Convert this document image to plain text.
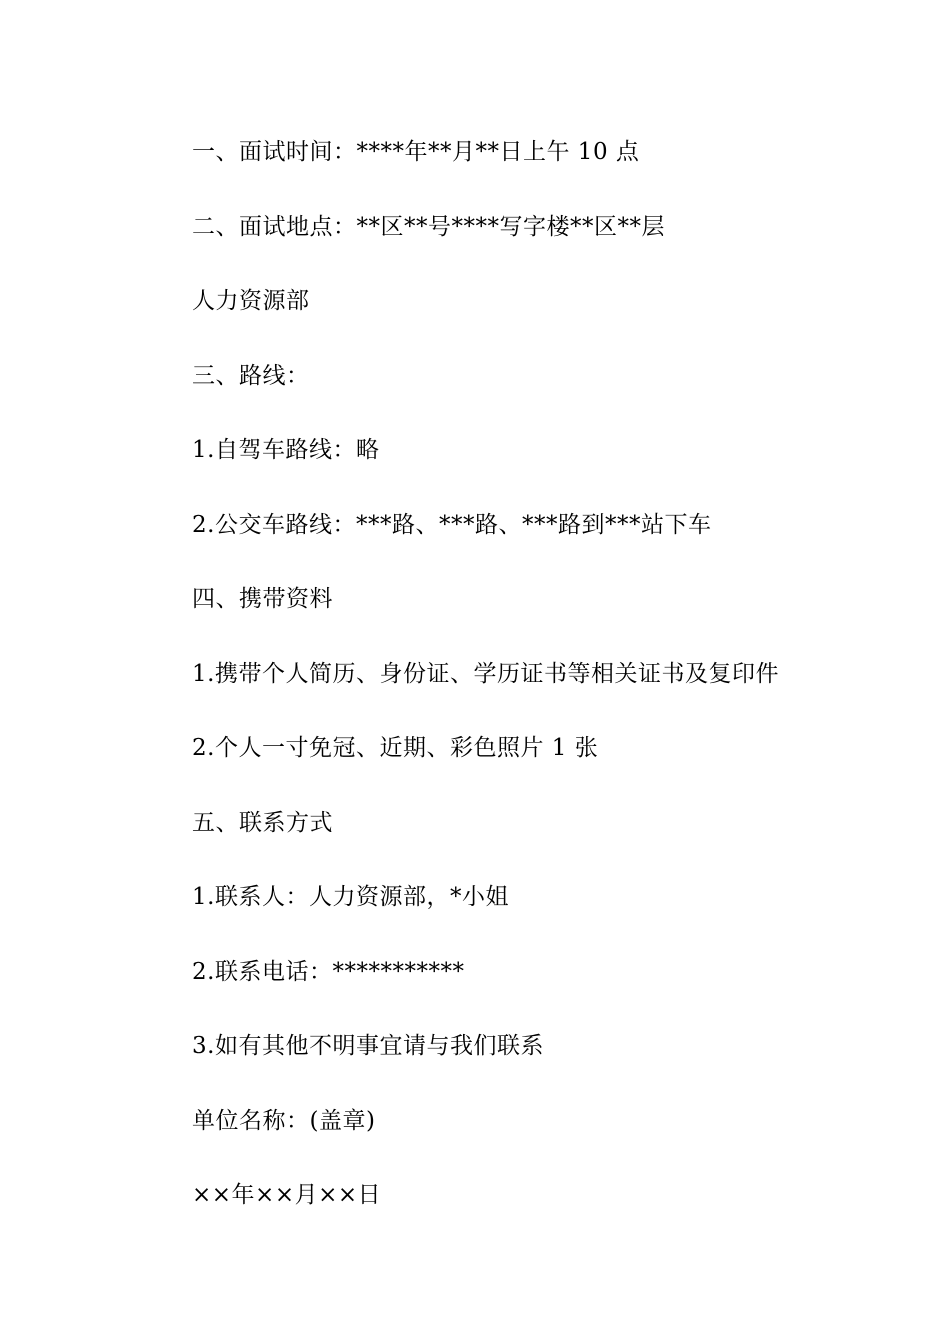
一、面试时间：****年**月**日上午 10 点
二、面试地点：**区**号****写字楼**区**层
人力资源部
三、路线：
1.自驾车路线：略
2.公交车路线：***路、***路、***路到***站下车
四、携带资料
1.携带个人简历、身份证、学历证书等相关证书及复印件
2.个人一寸免冠、近期、彩色照片 1 张
五、联系方式
1.联系人：人力资源部，*小姐
2.联系电话：***********
3.如有其他不明事宜请与我们联系
单位名称：(盖章)
××年××月××日
